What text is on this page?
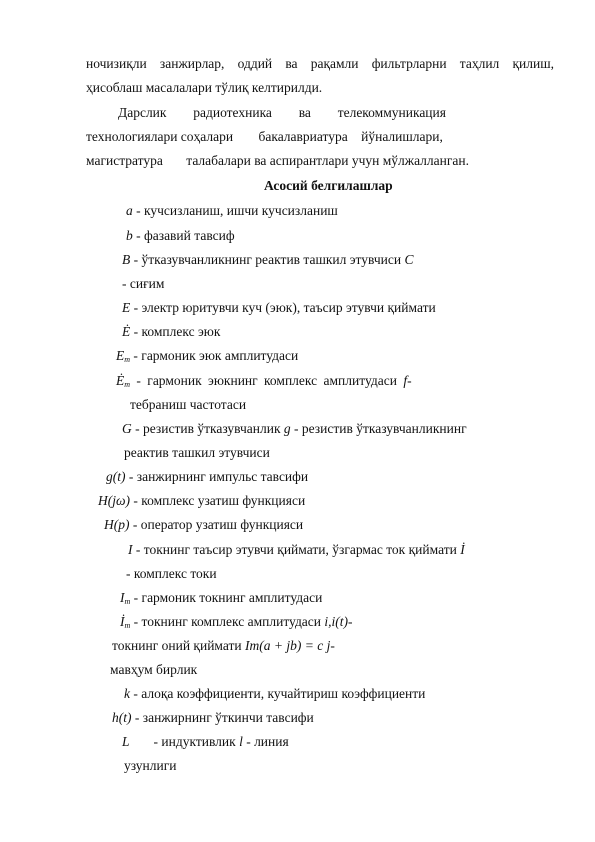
ночизиқли занжирлар, оддий ва рақамли фильтрларни таҳлил қилиш,
ҳисоблаш масалалари тўлиқ келтирилди.
Дарслик радиотехника ва телекоммуникация
технологиялари соҳалари бакалавриатура йўналишлари,
магистратура талабалари ва аспирантлари учун мўлжалланган.
Асосий белгилашлар
a - кучсизланиш, ишчи кучсизланиш
b - фазавий тавсиф
B - ўтказувчанликнинг реактив ташкил этувчиси C
- сиғим
E - электр юритувчи куч (эюк), таъсир этувчи қиймати
Ė - комплекс эюк
$E_m$ - гармоник эюк амплитудаси
$Ė_m$ - гармоник эюкнинг комплекс амплитудаси f-
тебраниш частотаси
G - резистив ўтказувчанлик g - резистив ўтказувчанликнинг
реактив ташкил этувчиси
g(t) - занжирнинг импульс тавсифи
H(jω) - комплекс узатиш функцияси
H(p) - оператор узатиш функцияси
I - токнинг таъсир этувчи қиймати, ўзгармас ток қиймати İ
- комплекс токи
$I_m$ - гармоник токнинг амплитудаси
$İ_m$ - токнинг комплекс амплитудаси i,i(t)-
токнинг оний қиймати Im(a + jb) = c j-
мавҳум бирлик
k - алоқа коэффициенти, кучайтириш коэффициенти
h(t) - занжирнинг ўткинчи тавсифи
L - индуктивлик l - линия
узунлиги
